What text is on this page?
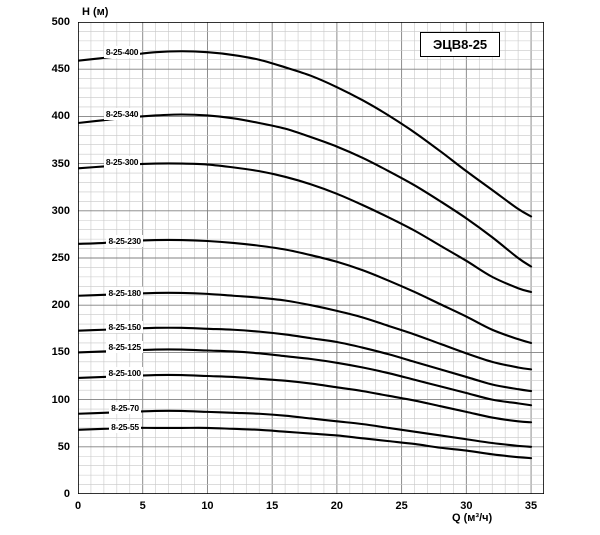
H (м)
Q (м³/ч)
0	5	10	15	20	25	30	35
0
50
100
150
200
250
300
350
400
450
500
8-25-400
8-25-340
8-25-300
8-25-230
8-25-180
8-25-150
8-25-125
8-25-100
8-25-70
8-25-55
ЭЦВ8-25
